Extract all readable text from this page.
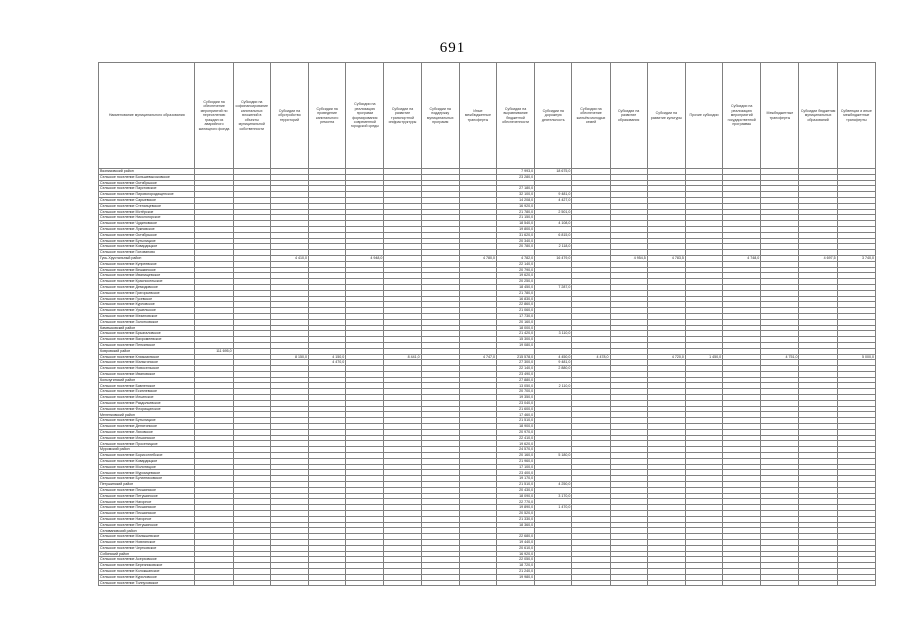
691
Наименование муниципального образования	Субсидии на обеспечение мероприятий по переселению граждан из аварийного жилищного фонда	Субсидии на софинансирование капитальных вложений в объекты муниципальной собственности	Субсидии на обустройство территорий	Субсидии на проведение капитального ремонта	Субсидии на реализацию программ формирования современной городской среды	Субсидии на развитие транспортной инфраструктуры	Субсидии на поддержку муниципальных программ	Иные межбюджетные трансферты	Субсидии на выравнивание бюджетной обеспеченности	Субсидии на дорожную деятельность	Субсидии на обеспечение жильём молодых семей	Субсидии на развитие образования	Субсидии на развитие культуры	Прочие субсидии	Субсидии на реализацию мероприятий государственной программы	Межбюджетные трансферты	Субсидии бюджетам муниципальных образований	Субвенции и иные межбюджетные трансферты
Вязниковский район									7 993,0	18 675,0								
Сельское поселение Большевысоковское									23 280,0									
Сельское поселение Октябрьское																		
Сельское поселение Паустовское									27 180,0									
Сельское поселение Пировогородищенское									32 100,0	9 481,0								
Сельское поселение Сарыевское									14 208,0	4 427,0								
Сельское поселение Степанцевское									16 920,0									
Сельское поселение Мстёрское									21 780,0	2 501,0								
Сельское поселение Никологорское									21 150,0									
Сельское поселение Чудиновское									18 540,0	4 108,0								
Сельское поселение Лукновское									19 800,0									
Сельское поселение Октябрьское									31 620,0	6 815,0								
Сельское поселение Бутылицкое									20 340,0									
Сельское поселение Ковардицкое									20 780,0	2 118,0								
Сельское поселение Голованово																		
Гусь-Хрустальный район			4 410,0		4 948,0			4 780,0	4 782,0	16 479,0		4 954,5	4 783,5		4 748,0		4 697,5	3 740,0
Сельское поселение Купреевское									22 140,0									
Сельское поселение Вешкинское									20 790,0									
Сельское поселение Иванищевское									19 620,0									
Сельское поселение Красносельское									20 250,0									
Сельское поселение Демидовское									18 450,0	7 287,0								
Сельское поселение Григорьевское									21 780,0									
Сельское поселение Гусевское									16 830,0									
Сельское поселение Курловское									22 860,0									
Сельское поселение Уршельское									21 060,0									
Сельское поселение Мезиновское									17 730,0									
Сельское поселение Золотковское									20 160,0									
Камешковский район									18 000,0									
Сельское поселение Брызгаловское									21 420,0	3 110,0								
Сельское поселение Вахромеевское									15 300,0									
Сельское поселение Пенкинское									19 080,0									
Ковровский район	111 695,0																	
Сельское поселение Клязьминское			8 150,0	4 150,0		8 441,0		4 747,0	215 578,0	4 450,0	4 478,0		4 720,0	1 450,0		4 751,0		5 000,0
Сельское поселение Малыгинское				4 470,0					27 300,0	9 481,0								
Сельское поселение Новосельское									22 140,0	2 880,0								
Сельское поселение Ивановское									23 490,0									
Кольчугинский район									27 880,0									
Сельское поселение Бавленское									13 050,0	2 110,0								
Сельское поселение Есиплевское									20 700,0									
Сельское поселение Ильинское									19 350,0									
Сельское поселение Раздольевское									23 040,0									
Сельское поселение Флорищинское									21 600,0									
Меленковский район									17 460,0									
Сельское поселение Бутылицкое									21 510,0									
Сельское поселение Денятинское									18 900,0									
Сельское поселение Ляховское									20 970,0									
Сельское поселение Илькинское									22 410,0									
Сельское поселение Просеницкое									19 620,0									
Муромский район									24 570,0									
Сельское поселение Борисоглебское									20 160,0	5 180,0								
Сельское поселение Ковардицкое									21 960,0									
Сельское поселение Молотицкое									17 100,0									
Сельское поселение Муромцевское									23 400,0									
Сельское поселение Булатниковское									19 170,0									
Петушинский район									21 510,0	4 250,0								
Сельское поселение Пекшинское									20 430,0									
Сельское поселение Петушинское									18 090,0	3 170,0								
Сельское поселение Нагорное									22 770,0									
Сельское поселение Пекшинское									19 890,0	1 470,0								
Сельское поселение Пекшинское									20 520,0									
Сельское поселение Нагорное									21 330,0									
Сельское поселение Петушинское									18 360,0									
Селивановский район																		
Сельское поселение Малышевское									22 680,0									
Сельское поселение Новлянское									19 440,0									
Сельское поселение Чертковское									20 610,0									
Собинский район									16 920,0									
Сельское поселение Асерховское									22 050,0									
Сельское поселение Березниковское									18 720,0									
Сельское поселение Колокшанское									21 240,0									
Сельское поселение Куриловское									19 980,0									
Сельское поселение Толпуховское																		
